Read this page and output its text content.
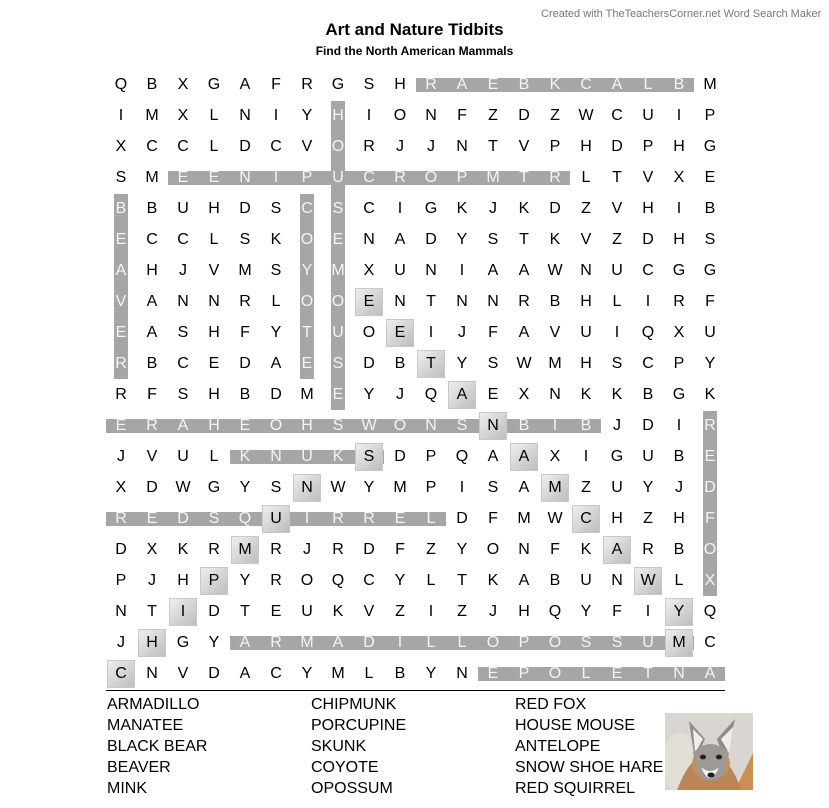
Created with TheTeachersCorner.net Word Search Maker
Art and Nature Tidbits
Find the North American Mammals
Q	B	X	G	A	F	R	G	S	H	R	A	E	B	K	C	A	L	B	M
I	M	X	L	N	I	Y	H	I	O	N	F	Z	D	Z	W	C	U	I	P
X	C	C	L	D	C	V	O	R	J	J	N	T	V	P	H	D	P	H	G
S	M	E	E	N	I	P	U	C	R	O	P	M	T	R	L	T	V	X	E
B	B	U	H	D	S	C	S	C	I	G	K	J	K	D	Z	V	H	I	B
E	C	C	L	S	K	O	E	N	A	D	Y	S	T	K	V	Z	D	H	S
A	H	J	V	M	S	Y	M	X	U	N	I	A	A	W	N	U	C	G	G
V	A	N	N	R	L	O	O	E	N	T	N	N	R	B	H	L	I	R	F
E	A	S	H	F	Y	T	U	O	E	I	J	F	A	V	U	I	Q	X	U
R	B	C	E	D	A	E	S	D	B	T	Y	S	W	M	H	S	C	P	Y
R	F	S	H	B	D	M	E	Y	J	Q	A	E	X	N	K	K	B	G	K
E	R	A	H	E	O	H	S	W	O	N	S	N	B	I	B	J	D	I	R
J	V	U	L	K	N	U	K	S	D	P	Q	A	A	X	I	G	U	B	E
X	D	W	G	Y	S	N	W	Y	M	P	I	S	A	M	Z	U	Y	J	D
R	E	D	S	Q	U	I	R	R	E	L	D	F	M	W	C	H	Z	H	F
D	X	K	R	M	R	J	R	D	F	Z	Y	O	N	F	K	A	R	B	O
P	J	H	P	Y	R	O	Q	C	Y	L	T	K	A	B	U	N	W	L	X
N	T	I	D	T	E	U	K	V	Z	I	Z	J	H	Q	Y	F	I	Y	Q
J	H	G	Y	A	R	M	A	D	I	L	L	O	P	O	S	S	U	M	C
C	N	V	D	A	C	Y	M	L	B	Y	N	E	P	O	L	E	T	N	A
ARMADILLO
MANATEE
BLACK BEAR
BEAVER
MINK
CHIPMUNK
PORCUPINE
SKUNK
COYOTE
OPOSSUM
RED FOX
HOUSE MOUSE
ANTELOPE
SNOW SHOE HARE
RED SQUIRREL
